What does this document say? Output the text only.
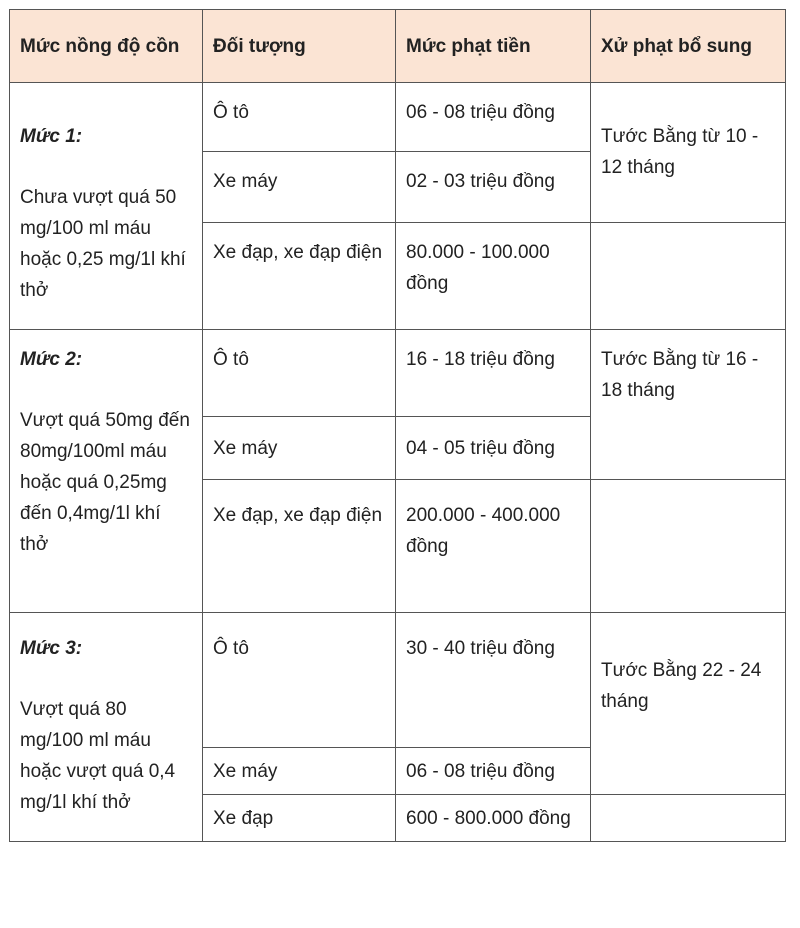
Mức nồng độ cồn	Đối tượng	Mức phạt tiền	Xử phạt bổ sung

Mức 1:
Chưa vượt quá 50 mg/100 ml máu hoặc 0,25 mg/1l khí thở	Ô tô	06 - 08 triệu đồng	Tước Bằng từ 10 - 12 tháng
	Xe máy	02 - 03 triệu đồng	
	Xe đạp, xe đạp điện	80.000 - 100.000 đồng	

Mức 2:
Vượt quá 50mg đến 80mg/100ml máu hoặc quá 0,25mg đến 0,4mg/1l khí thở	Ô tô	16 - 18 triệu đồng	Tước Bằng từ 16 - 18 tháng
	Xe máy	04 - 05 triệu đồng	
	Xe đạp, xe đạp điện	200.000 - 400.000 đồng	

Mức 3:
Vượt quá 80 mg/100 ml máu hoặc vượt quá 0,4 mg/1l khí thở	Ô tô	30 - 40 triệu đồng	Tước Bằng 22 - 24 tháng
	Xe máy	06 - 08 triệu đồng	
	Xe đạp	600 - 800.000 đồng	
